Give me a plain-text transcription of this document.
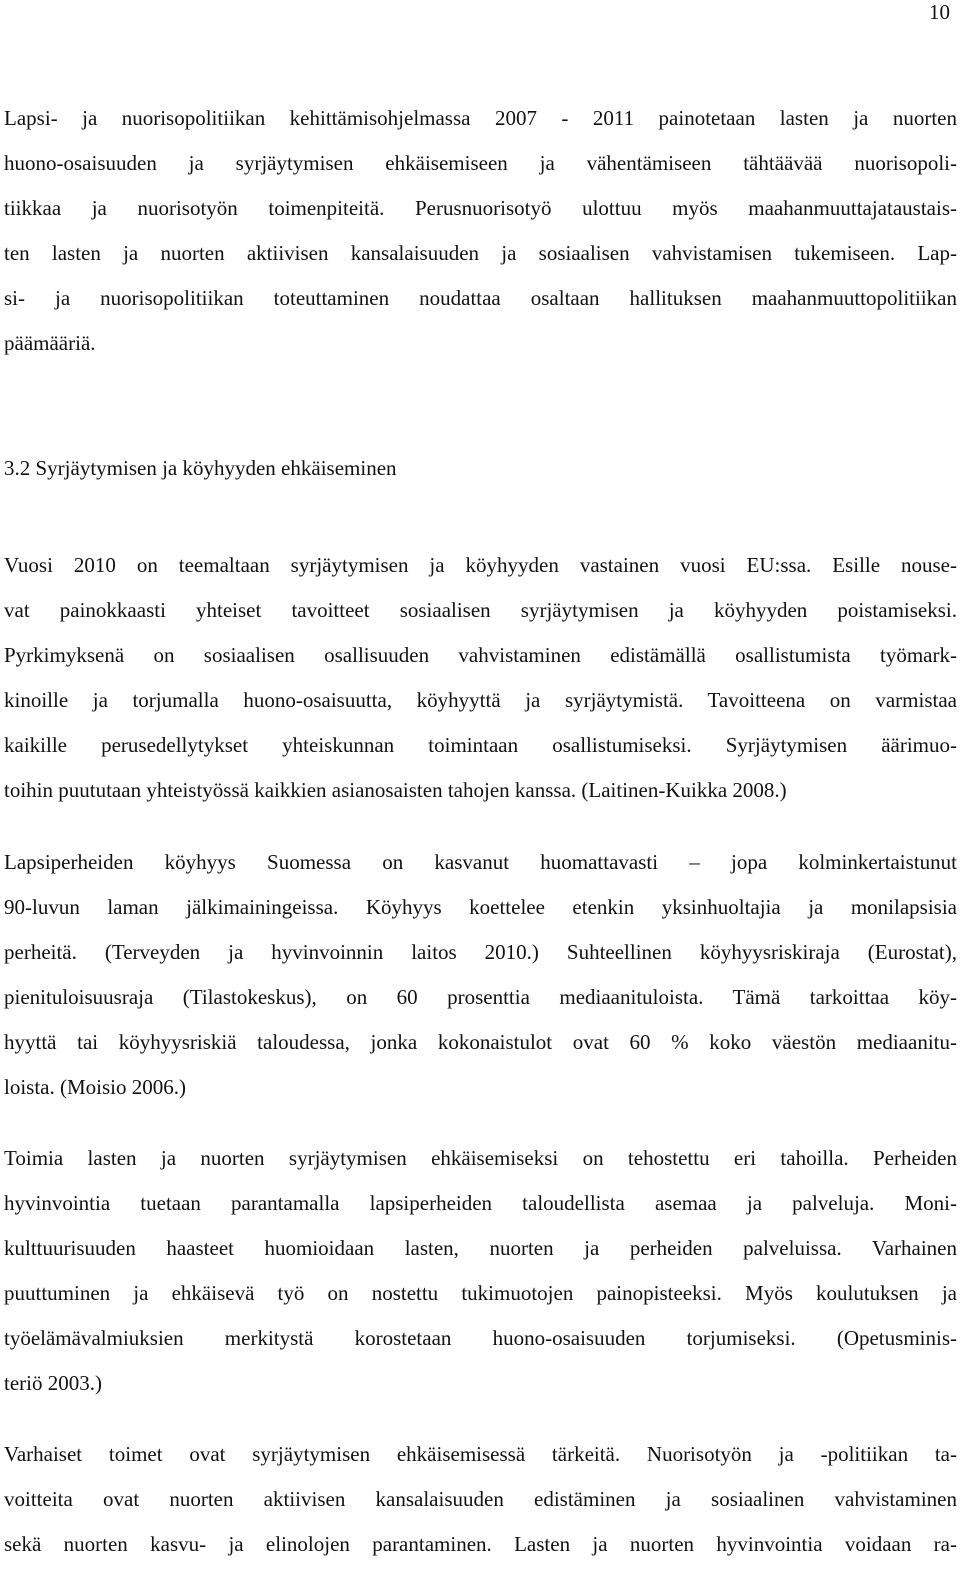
10
Lapsi- ja nuorisopolitiikan kehittämisohjelmassa 2007 - 2011 painotetaan lasten ja nuorten
huono-osaisuuden ja syrjäytymisen ehkäisemiseen ja vähentämiseen tähtäävää nuorisopoli-
tiikkaa ja nuorisotyön toimenpiteitä. Perusnuorisotyö ulottuu myös maahanmuuttajataustais-
ten lasten ja nuorten aktiivisen kansalaisuuden ja sosiaalisen vahvistamisen tukemiseen. Lap-
si- ja nuorisopolitiikan toteuttaminen noudattaa osaltaan hallituksen maahanmuuttopolitiikan
päämääriä.
3.2 Syrjäytymisen ja köyhyyden ehkäiseminen
Vuosi 2010 on teemaltaan syrjäytymisen ja köyhyyden vastainen vuosi EU:ssa. Esille nouse-
vat painokkaasti yhteiset tavoitteet sosiaalisen syrjäytymisen ja köyhyyden poistamiseksi.
Pyrkimyksenä on sosiaalisen osallisuuden vahvistaminen edistämällä osallistumista työmark-
kinoille ja torjumalla huono-osaisuutta, köyhyyttä ja syrjäytymistä. Tavoitteena on varmistaa
kaikille perusedellytykset yhteiskunnan toimintaan osallistumiseksi. Syrjäytymisen äärimuo-
toihin puututaan yhteistyössä kaikkien asianosaisten tahojen kanssa. (Laitinen-Kuikka 2008.)
Lapsiperheiden köyhyys Suomessa on kasvanut huomattavasti – jopa kolminkertaistunut
90-luvun laman jälkimainingeissa. Köyhyys koettelee etenkin yksinhuoltajia ja monilapsisia
perheitä. (Terveyden ja hyvinvoinnin laitos 2010.) Suhteellinen köyhyysriskiraja (Eurostat),
pienituloisuusraja (Tilastokeskus), on 60 prosenttia mediaanituloista. Tämä tarkoittaa köy-
hyyttä tai köyhyysriskiä taloudessa, jonka kokonaistulot ovat 60 % koko väestön mediaanitu-
loista. (Moisio 2006.)
Toimia lasten ja nuorten syrjäytymisen ehkäisemiseksi on tehostettu eri tahoilla. Perheiden
hyvinvointia tuetaan parantamalla lapsiperheiden taloudellista asemaa ja palveluja. Moni-
kulttuurisuuden haasteet huomioidaan lasten, nuorten ja perheiden palveluissa. Varhainen
puuttuminen ja ehkäisevä työ on nostettu tukimuotojen painopisteeksi. Myös koulutuksen ja
työelämävalmiuksien merkitystä korostetaan huono-osaisuuden torjumiseksi. (Opetusminis-
teriö 2003.)
Varhaiset toimet ovat syrjäytymisen ehkäisemisessä tärkeitä. Nuorisotyön ja -politiikan ta-
voitteita ovat nuorten aktiivisen kansalaisuuden edistäminen ja sosiaalinen vahvistaminen
sekä nuorten kasvu- ja elinolojen parantaminen. Lasten ja nuorten hyvinvointia voidaan ra-
